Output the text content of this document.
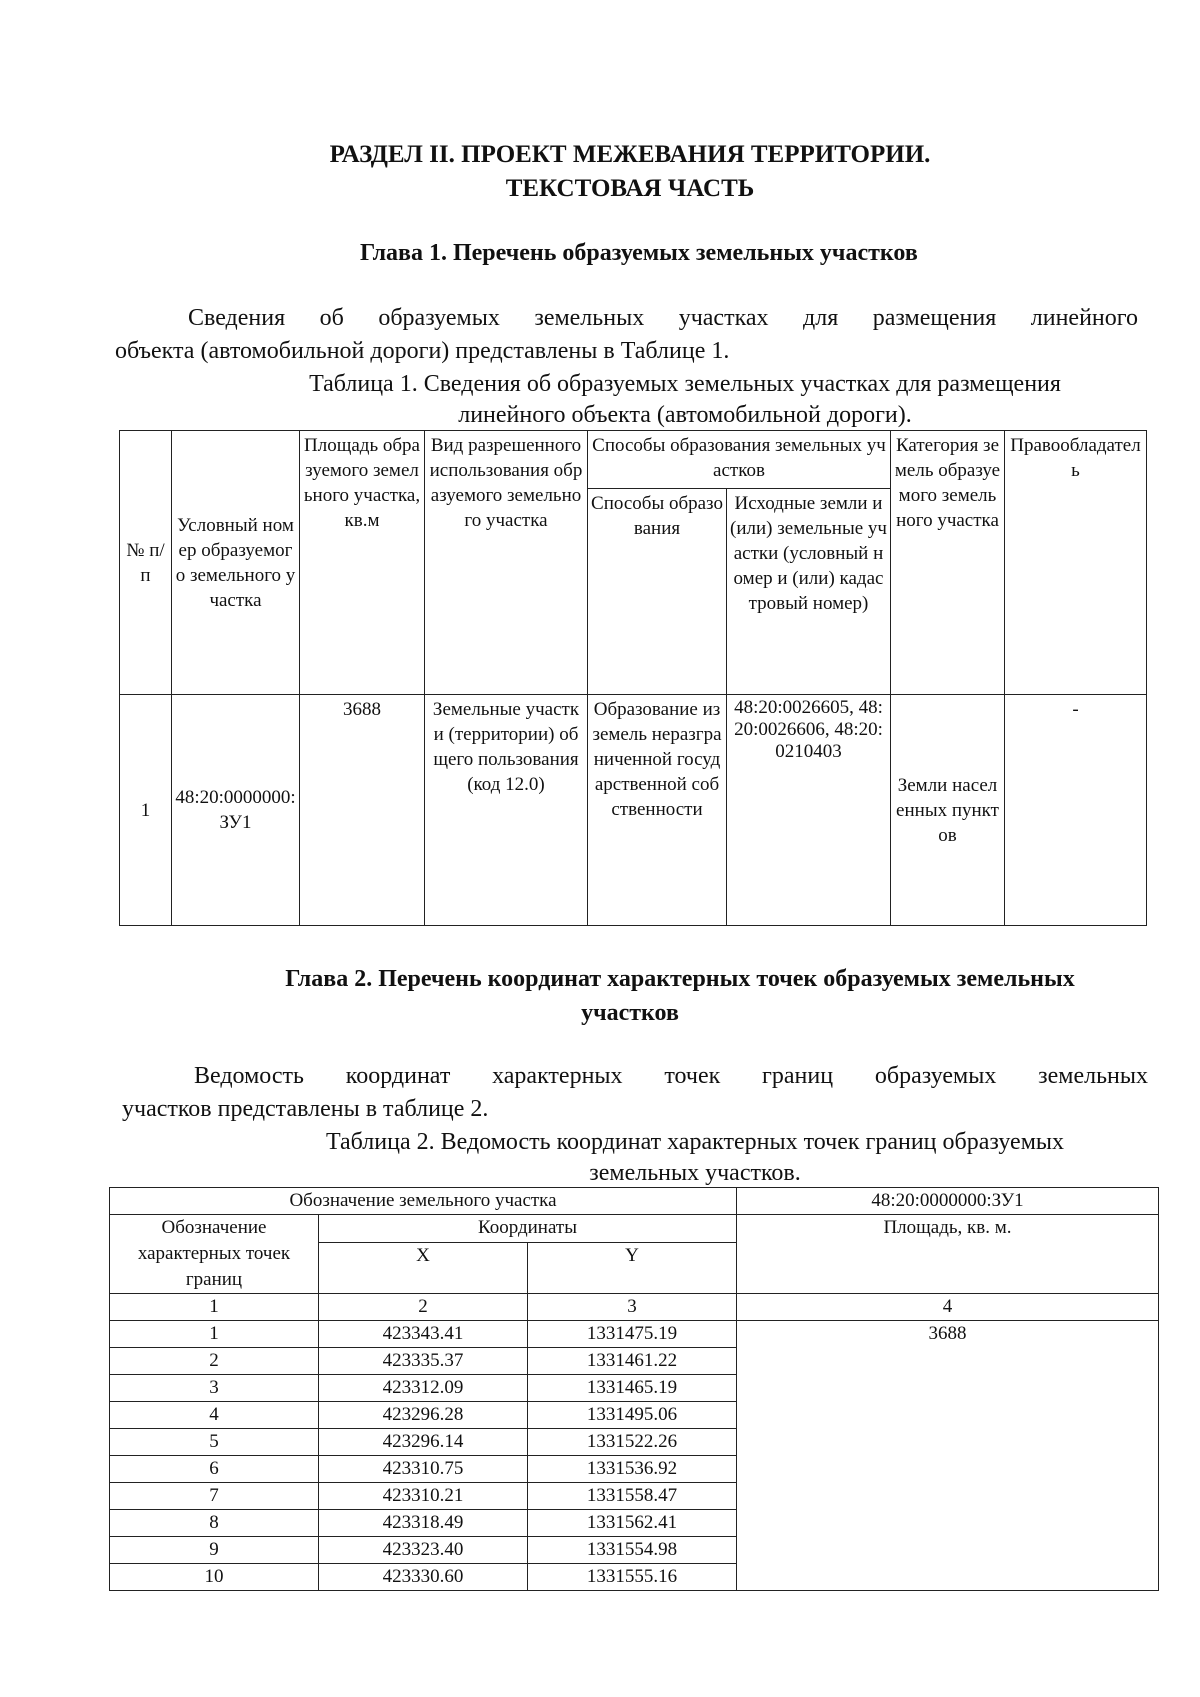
РАЗДЕЛ II. ПРОЕКТ МЕЖЕВАНИЯ ТЕРРИТОРИИ.
ТЕКСТОВАЯ ЧАСТЬ
Глава 1. Перечень образуемых земельных участков
Сведения об образуемых земельных участках для размещения линейного
объекта (автомобильной дороги) представлены в Таблице 1.
Таблица 1. Сведения об образуемых земельных участках для размещения
линейного объекта (автомобильной дороги).
№ п/п	Условный номер образуемого земельного участка	Площадь образуемого земельного участка, кв.м	Вид разрешенного использования образуемого земельного участка	Способы образования земельных участков		Категория земель образуемого земельного участка	Правообладатель

				Способы образования	Исходные земли и (или) земельные участки (условный номер и (или) кадастровый номер)		

1	48:20:0000000:ЗУ1	3688	Земельные участки (территории) общего пользования (код 12.0)	Образование из земель неразграниченной государственной собственности	48:20:0026605, 48:20:0026606, 48:20:0210403	Земли населенных пунктов	-
Глава 2. Перечень координат характерных точек образуемых земельных
участков
Ведомость координат характерных точек границ образуемых земельных
участков представлены в таблице 2.
Таблица 2. Ведомость координат характерных точек границ образуемых
земельных участков.
Обозначение земельного участка			48:20:0000000:ЗУ1

Обозначение характерных точек границ	Координаты		Площадь, кв. м.
	X	Y	
1	2	3	4
1	423343.41	1331475.19	3688
2	423335.37	1331461.22	
3	423312.09	1331465.19	
4	423296.28	1331495.06	
5	423296.14	1331522.26	
6	423310.75	1331536.92	
7	423310.21	1331558.47	
8	423318.49	1331562.41	
9	423323.40	1331554.98	
10	423330.60	1331555.16	
